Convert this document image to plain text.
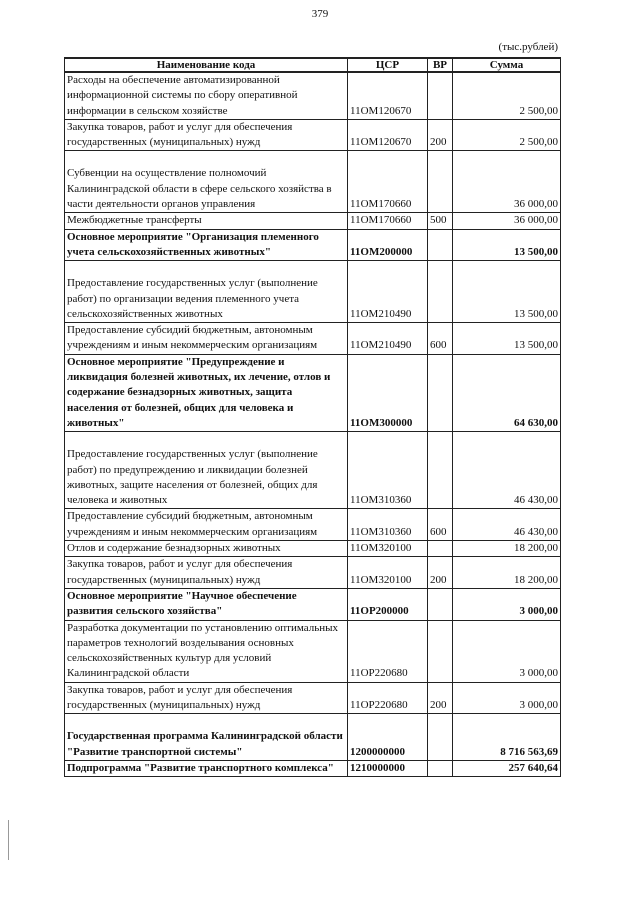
379
(тыс.рублей)
Наименование кода	ЦСР	ВР	Сумма
Расходы на обеспечение автоматизированной информационной системы по сбору оперативной информации в сельском хозяйстве	11ОМ120670		2 500,00
Закупка товаров, работ и услуг для обеспечения государственных (муниципальных) нужд	11ОМ120670	200	2 500,00

Субвенции на осуществление полномочий Калининградской области в сфере сельского хозяйства в части деятельности органов управления	11ОМ170660		36 000,00
Межбюджетные трансферты	11ОМ170660	500	36 000,00
Основное мероприятие "Организация племенного учета сельскохозяйственных животных"	11ОМ200000		13 500,00

Предоставление государственных услуг (выполнение работ) по организации ведения племенного учета сельскохозяйственных животных	11ОМ210490		13 500,00
Предоставление субсидий бюджетным, автономным учреждениям и иным некоммерческим организациям	11ОМ210490	600	13 500,00
Основное мероприятие "Предупреждение и ликвидация болезней животных, их лечение, отлов и содержание безнадзорных животных, защита населения от болезней, общих для человека и животных"	11ОМ300000		64 630,00

Предоставление государственных услуг (выполнение работ) по предупреждению и ликвидации болезней животных, защите населения от болезней, общих для человека и животных	11ОМ310360		46 430,00
Предоставление субсидий бюджетным, автономным учреждениям и иным некоммерческим организациям	11ОМ310360	600	46 430,00
Отлов и содержание безнадзорных животных	11ОМ320100		18 200,00
Закупка товаров, работ и услуг для обеспечения государственных (муниципальных) нужд	11ОМ320100	200	18 200,00
Основное мероприятие "Научное обеспечение развития сельского хозяйства"	11ОР200000		3 000,00
Разработка документации по установлению оптимальных параметров технологий возделывания основных сельскохозяйственных культур для условий Калининградской области	11ОР220680		3 000,00
Закупка товаров, работ и услуг для обеспечения государственных (муниципальных) нужд	11ОР220680	200	3 000,00

Государственная программа Калининградской области "Развитие транспортной системы"	1200000000		8 716 563,69
Подпрограмма "Развитие транспортного комплекса"	1210000000		257 640,64
